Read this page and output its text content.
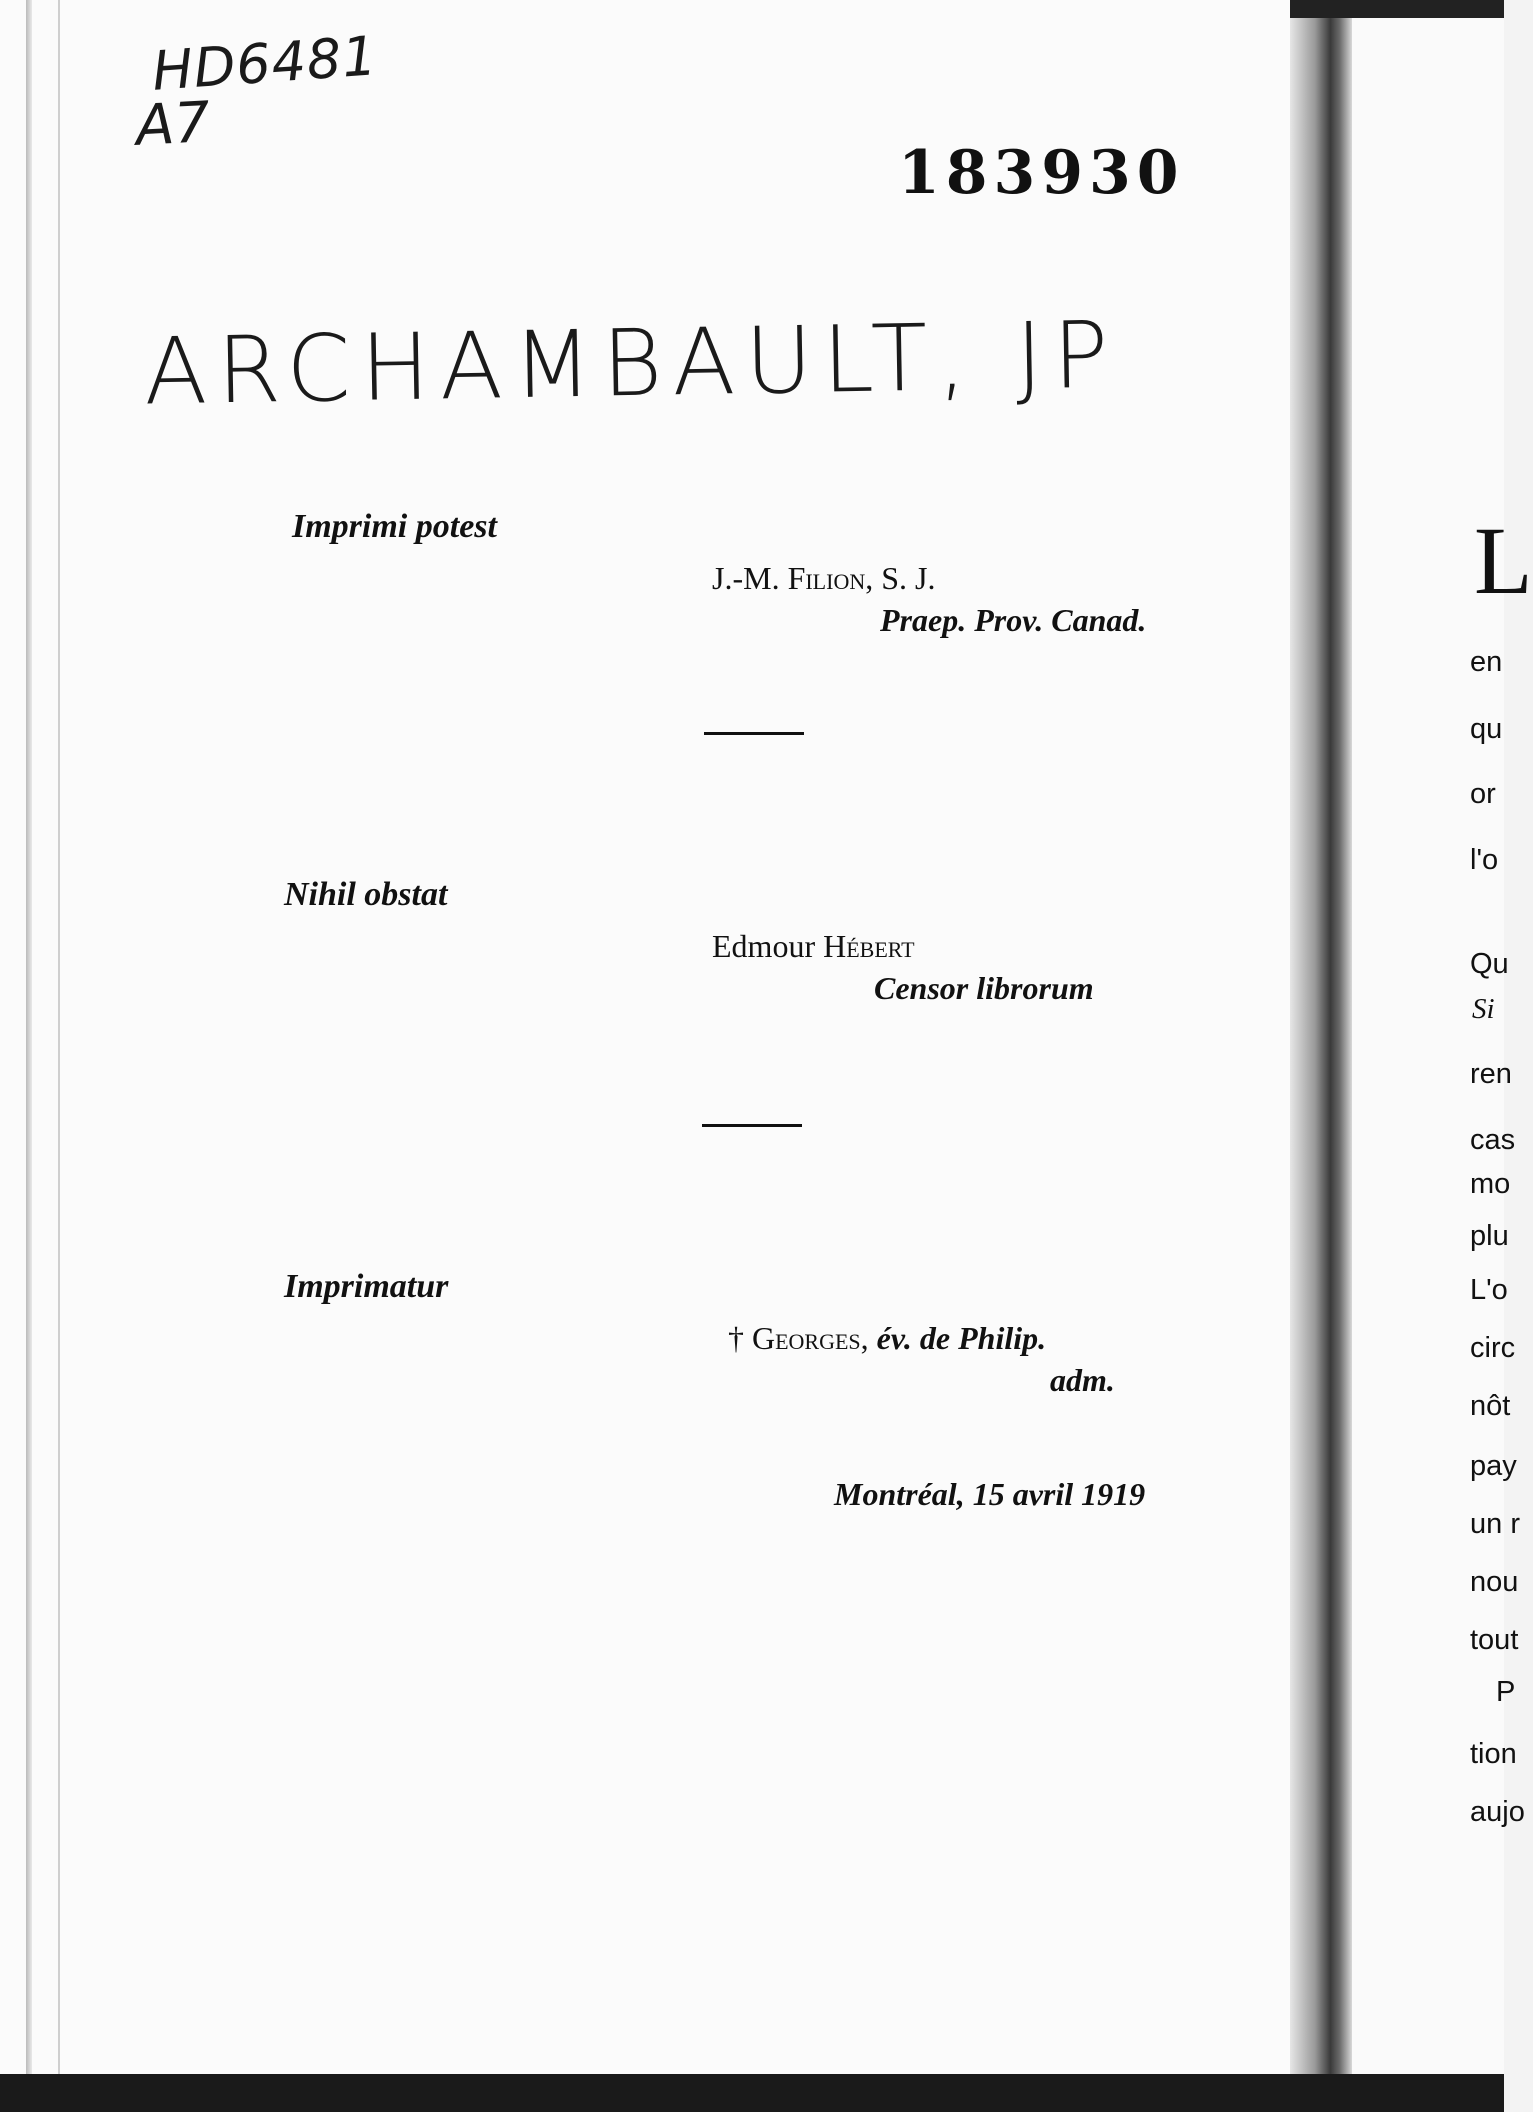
HD6481
A7
ARCHAMBAULT, JP
183930
Imprimi potest
J.-M. Filion, S. J.
Praep. Prov. Canad.
Nihil obstat
Edmour Hébert
Censor librorum
Imprimatur
† Georges, év. de Philip.
adm.
Montréal, 15 avril 1919
L
en
qu
or
l'o
Qu
Si
ren
cas
mo
plu
L'o
circ
nôt
pay
un r
nou
tout
P
tion
aujo
